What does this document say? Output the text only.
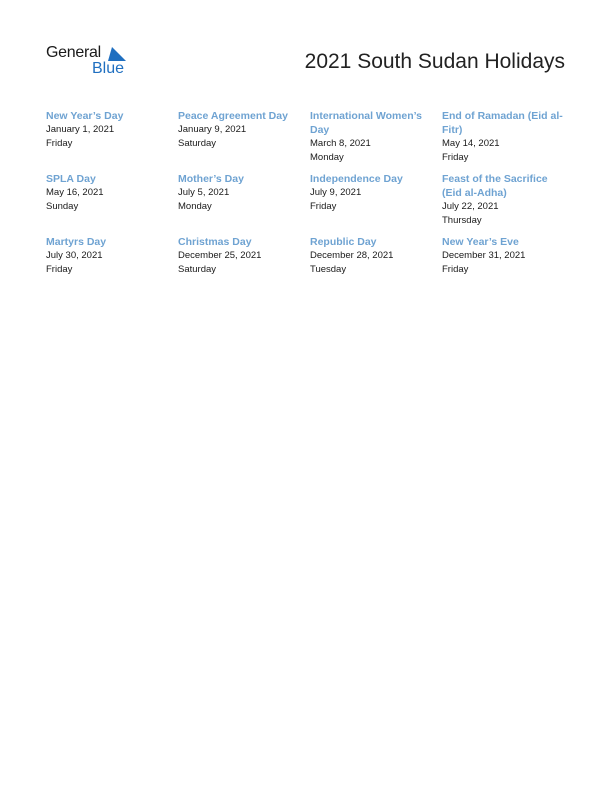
General
Blue	2021 South Sudan Holidays
New Year’s Day
January 1, 2021
Friday
Peace Agreement Day
January 9, 2021
Saturday
International Women’s Day
March 8, 2021
Monday
End of Ramadan (Eid al-Fitr)
May 14, 2021
Friday
SPLA Day
May 16, 2021
Sunday
Mother’s Day
July 5, 2021
Monday
Independence Day
July 9, 2021
Friday
Feast of the Sacrifice (Eid al-Adha)
July 22, 2021
Thursday
Martyrs Day
July 30, 2021
Friday
Christmas Day
December 25, 2021
Saturday
Republic Day
December 28, 2021
Tuesday
New Year’s Eve
December 31, 2021
Friday
